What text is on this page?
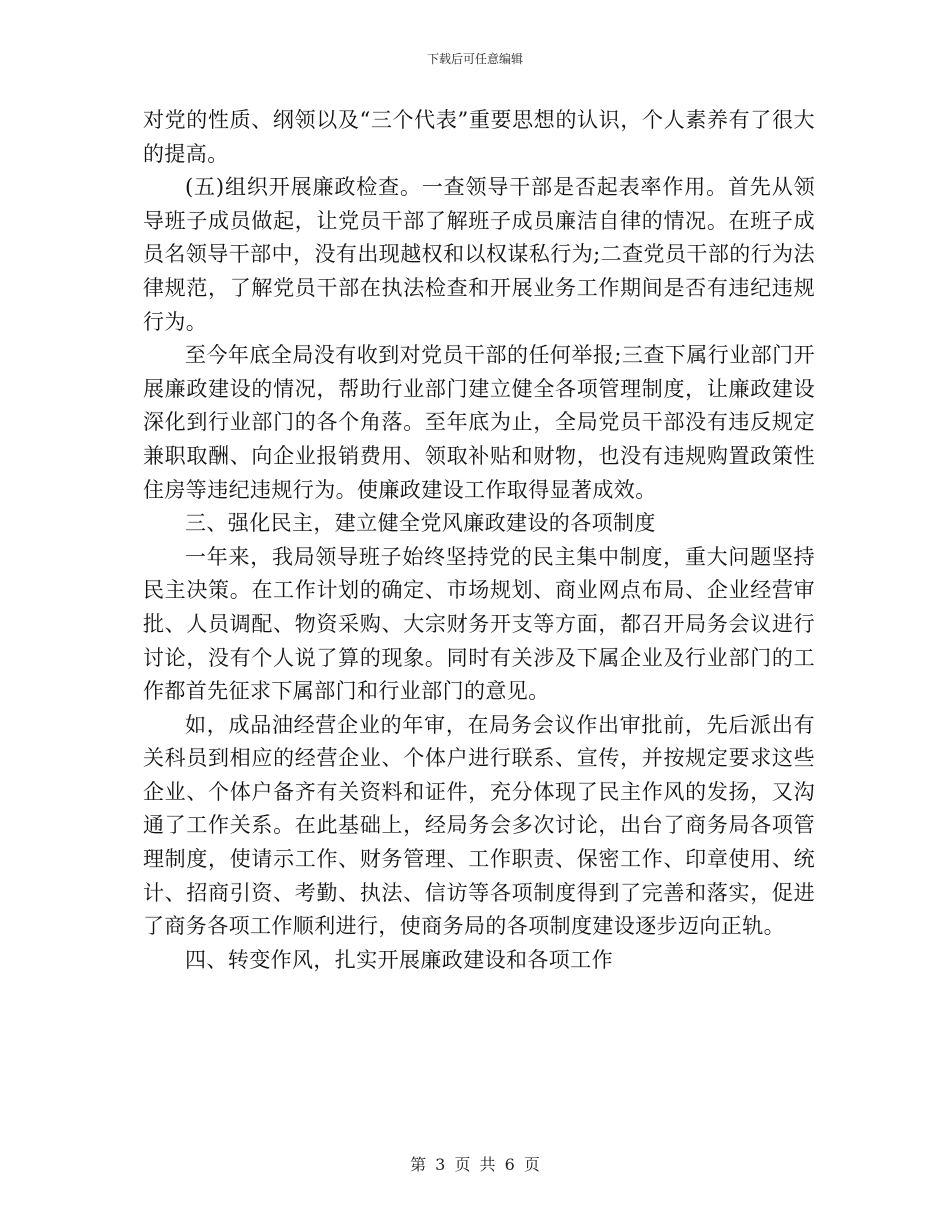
下载后可任意编辑

对党的性质、纲领以及“三个代表”重要思想的认识，个人素养有了很大的提高。

(五)组织开展廉政检查。一查领导干部是否起表率作用。首先从领导班子成员做起，让党员干部了解班子成员廉洁自律的情况。在班子成员名领导干部中，没有出现越权和以权谋私行为;二查党员干部的行为法律规范，了解党员干部在执法检查和开展业务工作期间是否有违纪违规行为。

至今年底全局没有收到对党员干部的任何举报;三查下属行业部门开展廉政建设的情况，帮助行业部门建立健全各项管理制度，让廉政建设深化到行业部门的各个角落。至年底为止，全局党员干部没有违反规定兼职取酬、向企业报销费用、领取补贴和财物，也没有违规购置政策性住房等违纪违规行为。使廉政建设工作取得显著成效。

三、强化民主，建立健全党风廉政建设的各项制度

一年来，我局领导班子始终坚持党的民主集中制度，重大问题坚持民主决策。在工作计划的确定、市场规划、商业网点布局、企业经营审批、人员调配、物资采购、大宗财务开支等方面，都召开局务会议进行讨论，没有个人说了算的现象。同时有关涉及下属企业及行业部门的工作都首先征求下属部门和行业部门的意见。

如，成品油经营企业的年审，在局务会议作出审批前，先后派出有关科员到相应的经营企业、个体户进行联系、宣传，并按规定要求这些企业、个体户备齐有关资料和证件，充分体现了民主作风的发扬，又沟通了工作关系。在此基础上，经局务会多次讨论，出台了商务局各项管理制度，使请示工作、财务管理、工作职责、保密工作、印章使用、统计、招商引资、考勤、执法、信访等各项制度得到了完善和落实，促进了商务各项工作顺利进行，使商务局的各项制度建设逐步迈向正轨。

四、转变作风，扎实开展廉政建设和各项工作

第 3 页 共 6 页
